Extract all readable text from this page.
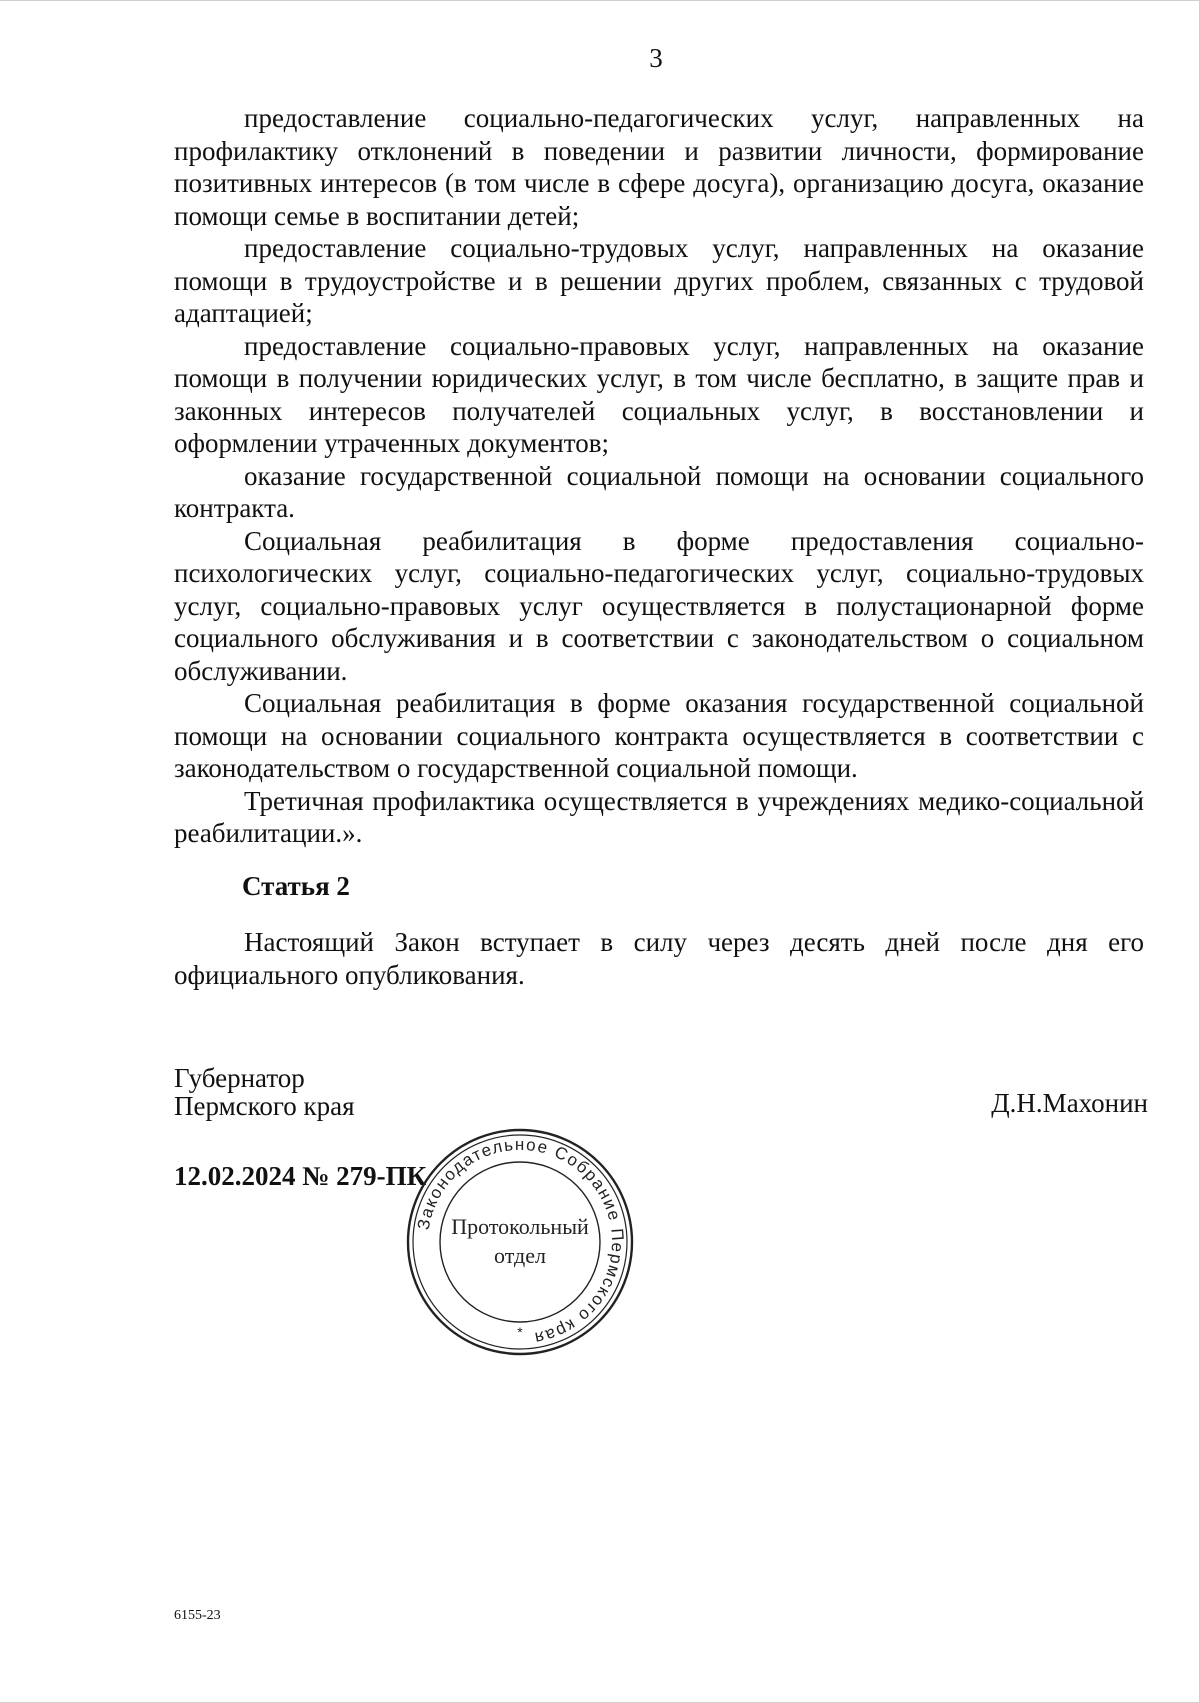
3

предоставление социально-педагогических услуг, направленных на профилактику отклонений в поведении и развитии личности, формирование позитивных интересов (в том числе в сфере досуга), организацию досуга, оказание помощи семье в воспитании детей;

предоставление социально-трудовых услуг, направленных на оказание помощи в трудоустройстве и в решении других проблем, связанных с трудовой адаптацией;

предоставление социально-правовых услуг, направленных на оказание помощи в получении юридических услуг, в том числе бесплатно, в защите прав и законных интересов получателей социальных услуг, в восстановлении и оформлении утраченных документов;

оказание государственной социальной помощи на основании социального контракта.

Социальная реабилитация в форме предоставления социально-психологических услуг, социально-педагогических услуг, социально-трудовых услуг, социально-правовых услуг осуществляется в полустационарной форме социального обслуживания и в соответствии с законодательством о социальном обслуживании.

Социальная реабилитация в форме оказания государственной социальной помощи на основании социального контракта осуществляется в соответствии с законодательством о государственной социальной помощи.

Третичная профилактика осуществляется в учреждениях медико-социальной реабилитации.».

Статья 2

Настоящий Закон вступает в силу через десять дней после дня его официального опубликования.

Губернатор
Пермского края	Д.Н.Махонин
12.02.2024 № 279-ПК
Законодательное Собрание Пермского края
Протокольный
отдел
*
6155-23
